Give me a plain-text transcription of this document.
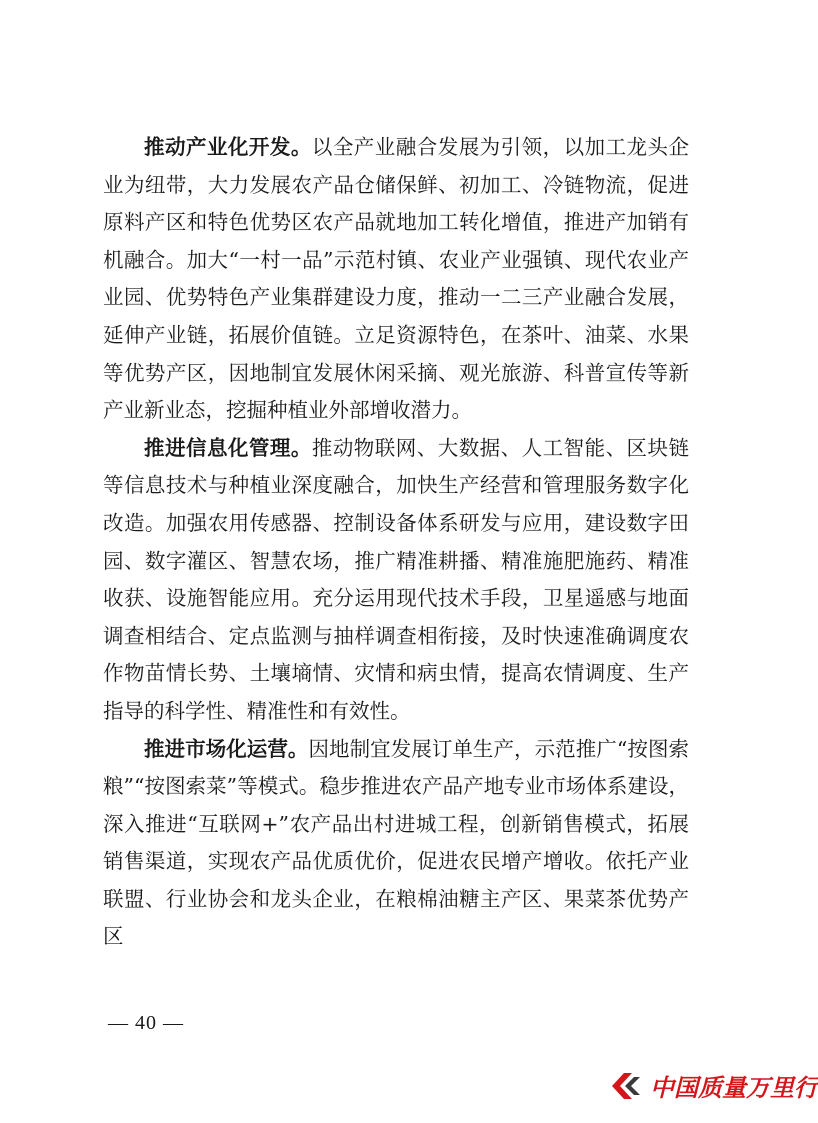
推动产业化开发。以全产业融合发展为引领，以加工龙头企业为纽带，大力发展农产品仓储保鲜、初加工、冷链物流，促进原料产区和特色优势区农产品就地加工转化增值，推进产加销有机融合。加大“一村一品”示范村镇、农业产业强镇、现代农业产业园、优势特色产业集群建设力度，推动一二三产业融合发展，延伸产业链，拓展价值链。立足资源特色，在茶叶、油菜、水果等优势产区，因地制宜发展休闲采摘、观光旅游、科普宣传等新产业新业态，挖掘种植业外部增收潜力。

推进信息化管理。推动物联网、大数据、人工智能、区块链等信息技术与种植业深度融合，加快生产经营和管理服务数字化改造。加强农用传感器、控制设备体系研发与应用，建设数字田园、数字灌区、智慧农场，推广精准耕播、精准施肥施药、精准收获、设施智能应用。充分运用现代技术手段，卫星遥感与地面调查相结合、定点监测与抽样调查相衔接，及时快速准确调度农作物苗情长势、土壤墒情、灾情和病虫情，提高农情调度、生产指导的科学性、精准性和有效性。

推进市场化运营。因地制宜发展订单生产，示范推广“按图索粮”“按图索菜”等模式。稳步推进农产品产地专业市场体系建设，深入推进“互联网+”农产品出村进城工程，创新销售模式，拓展销售渠道，实现农产品优质优价，促进农民增产增收。依托产业联盟、行业协会和龙头企业，在粮棉油糖主产区、果菜茶优势产区

— 40 —
中国质量万里行
